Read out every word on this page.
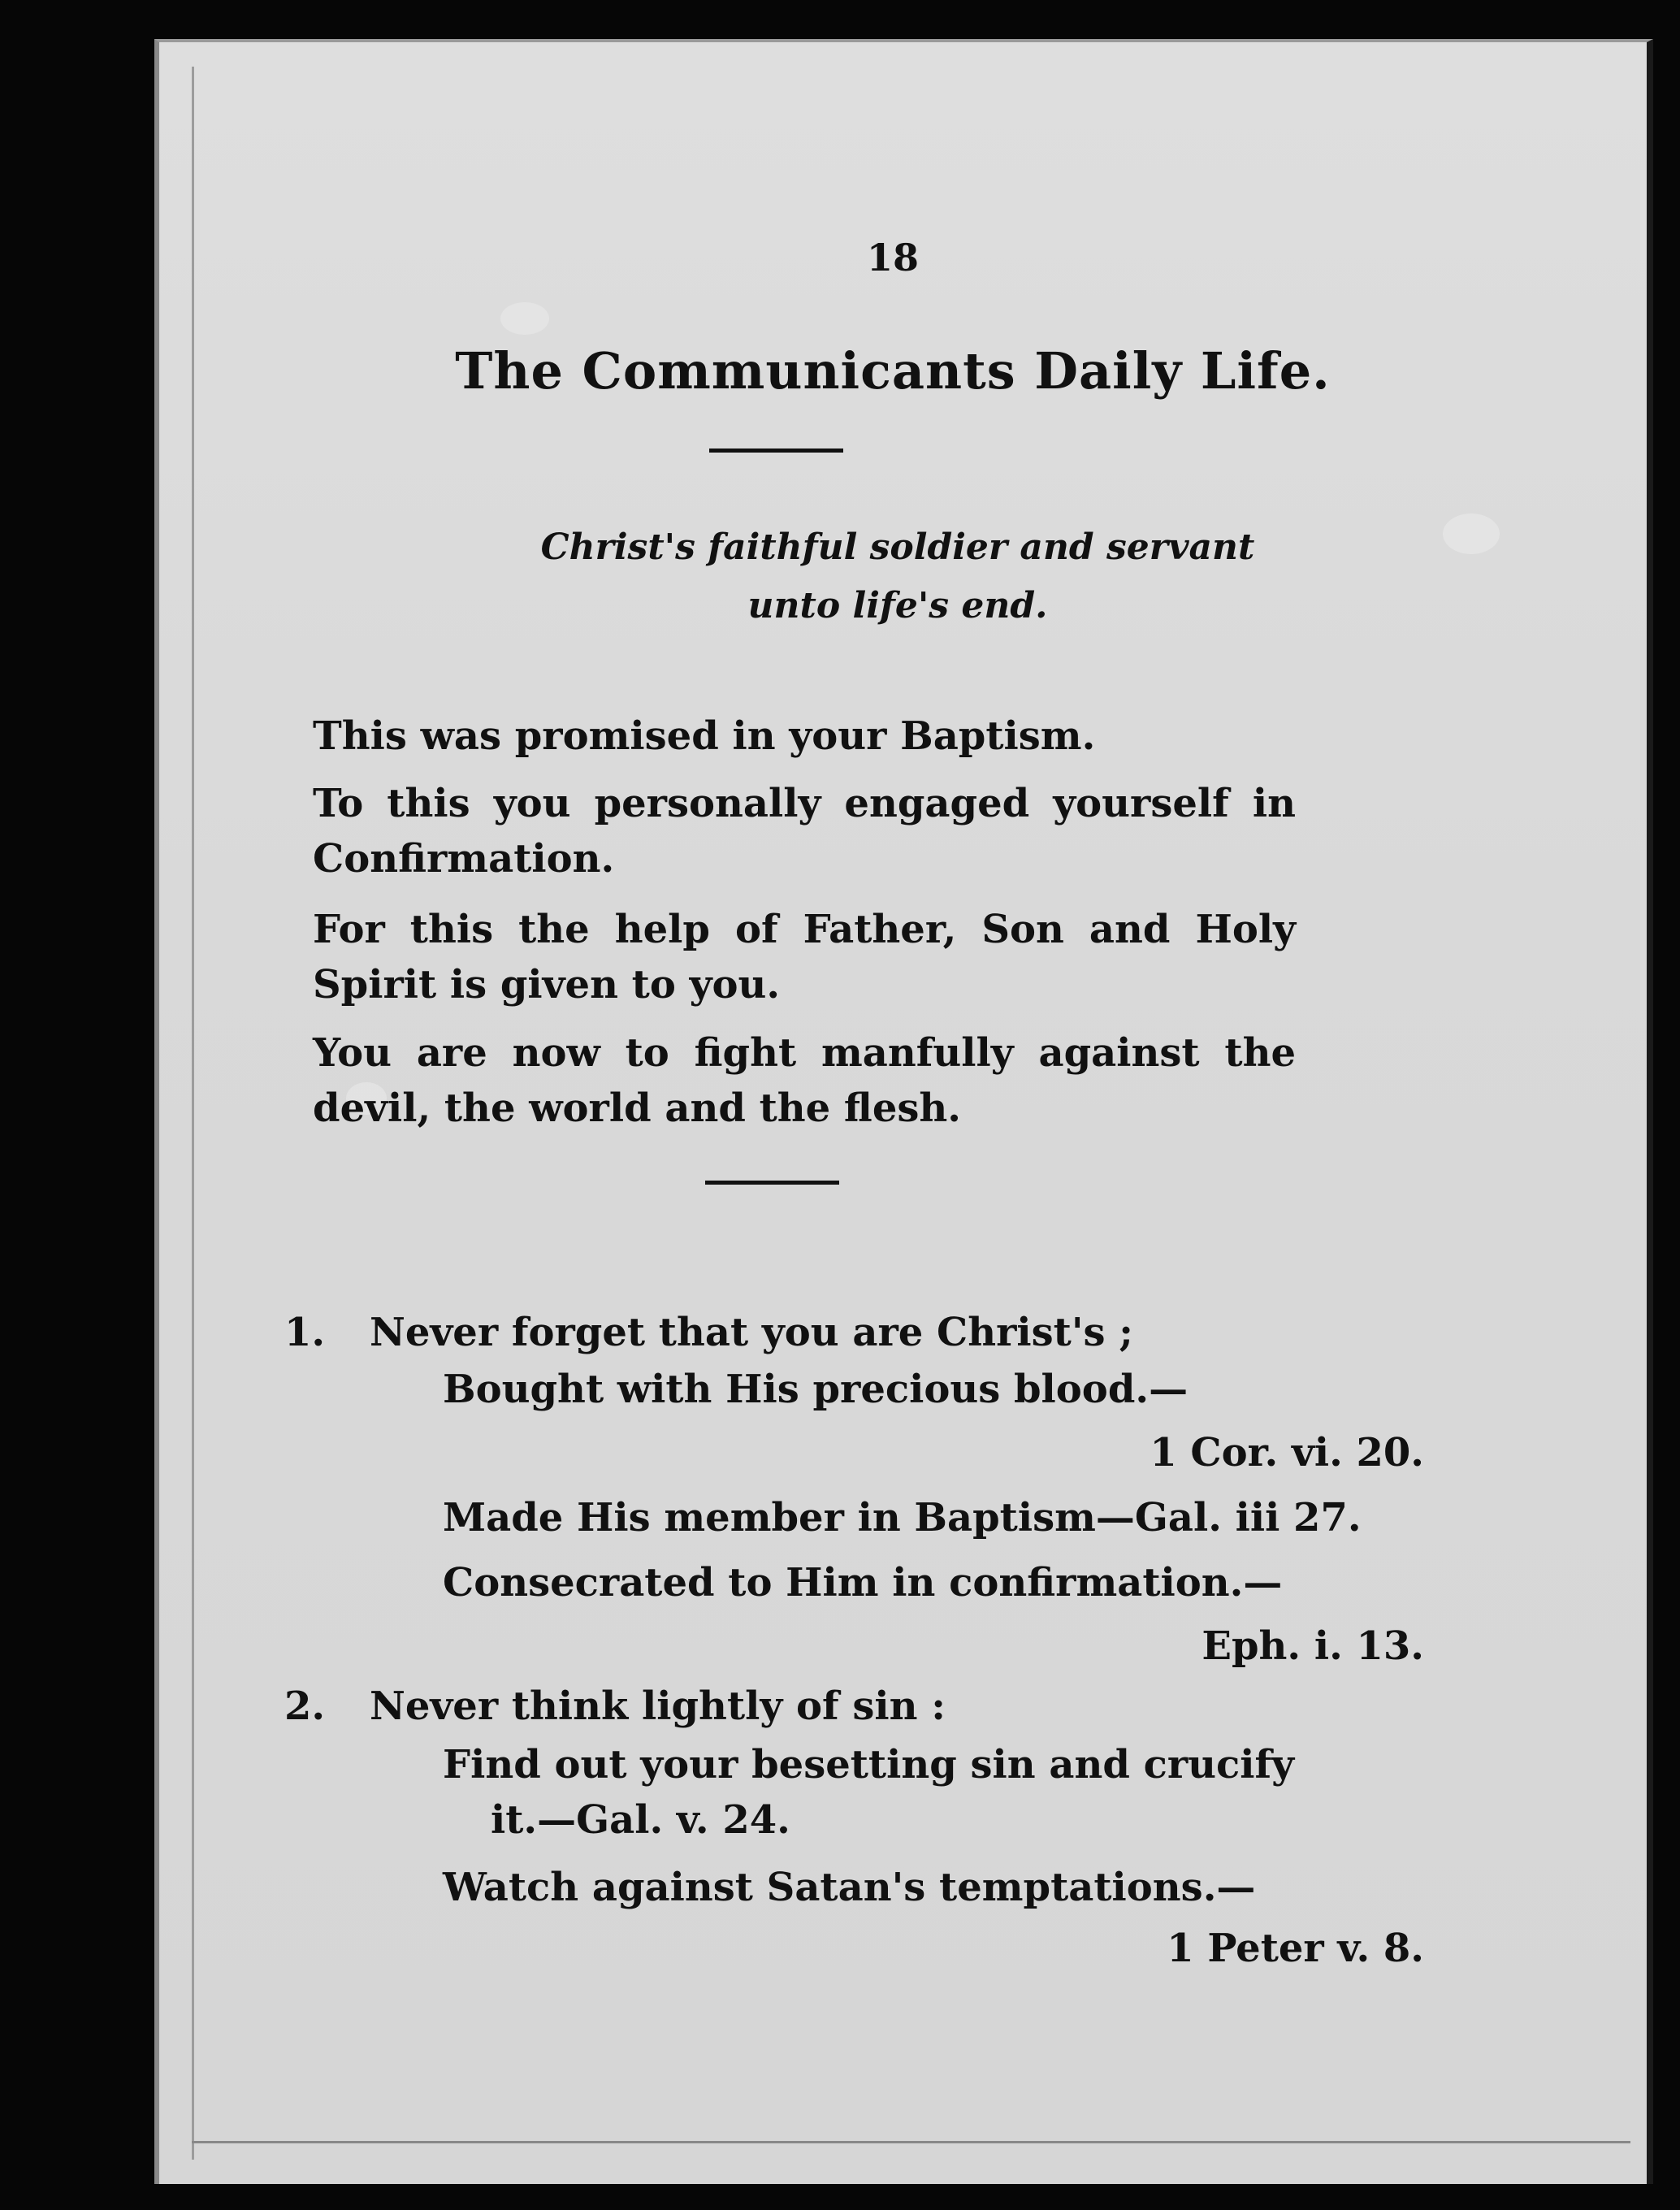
18
The Communicants Daily Life.
Christ's faithful soldier and servant
unto life's end.
This was promised in your Baptism.
To this you personally engaged yourself in Confirmation.
For this the help of Father, Son and Holy Spirit is given to you.
You are now to fight manfully against the devil, the world and the flesh.
1. Never forget that you are Christ's ;
Bought with His precious blood.—
1 Cor. vi. 20.
Made His member in Baptism—Gal. iii 27.
Consecrated to Him in confirmation.—
Eph. i. 13.
2. Never think lightly of sin :
Find out your besetting sin and crucify
it.—Gal. v. 24.
Watch against Satan's temptations.—
1 Peter v. 8.
